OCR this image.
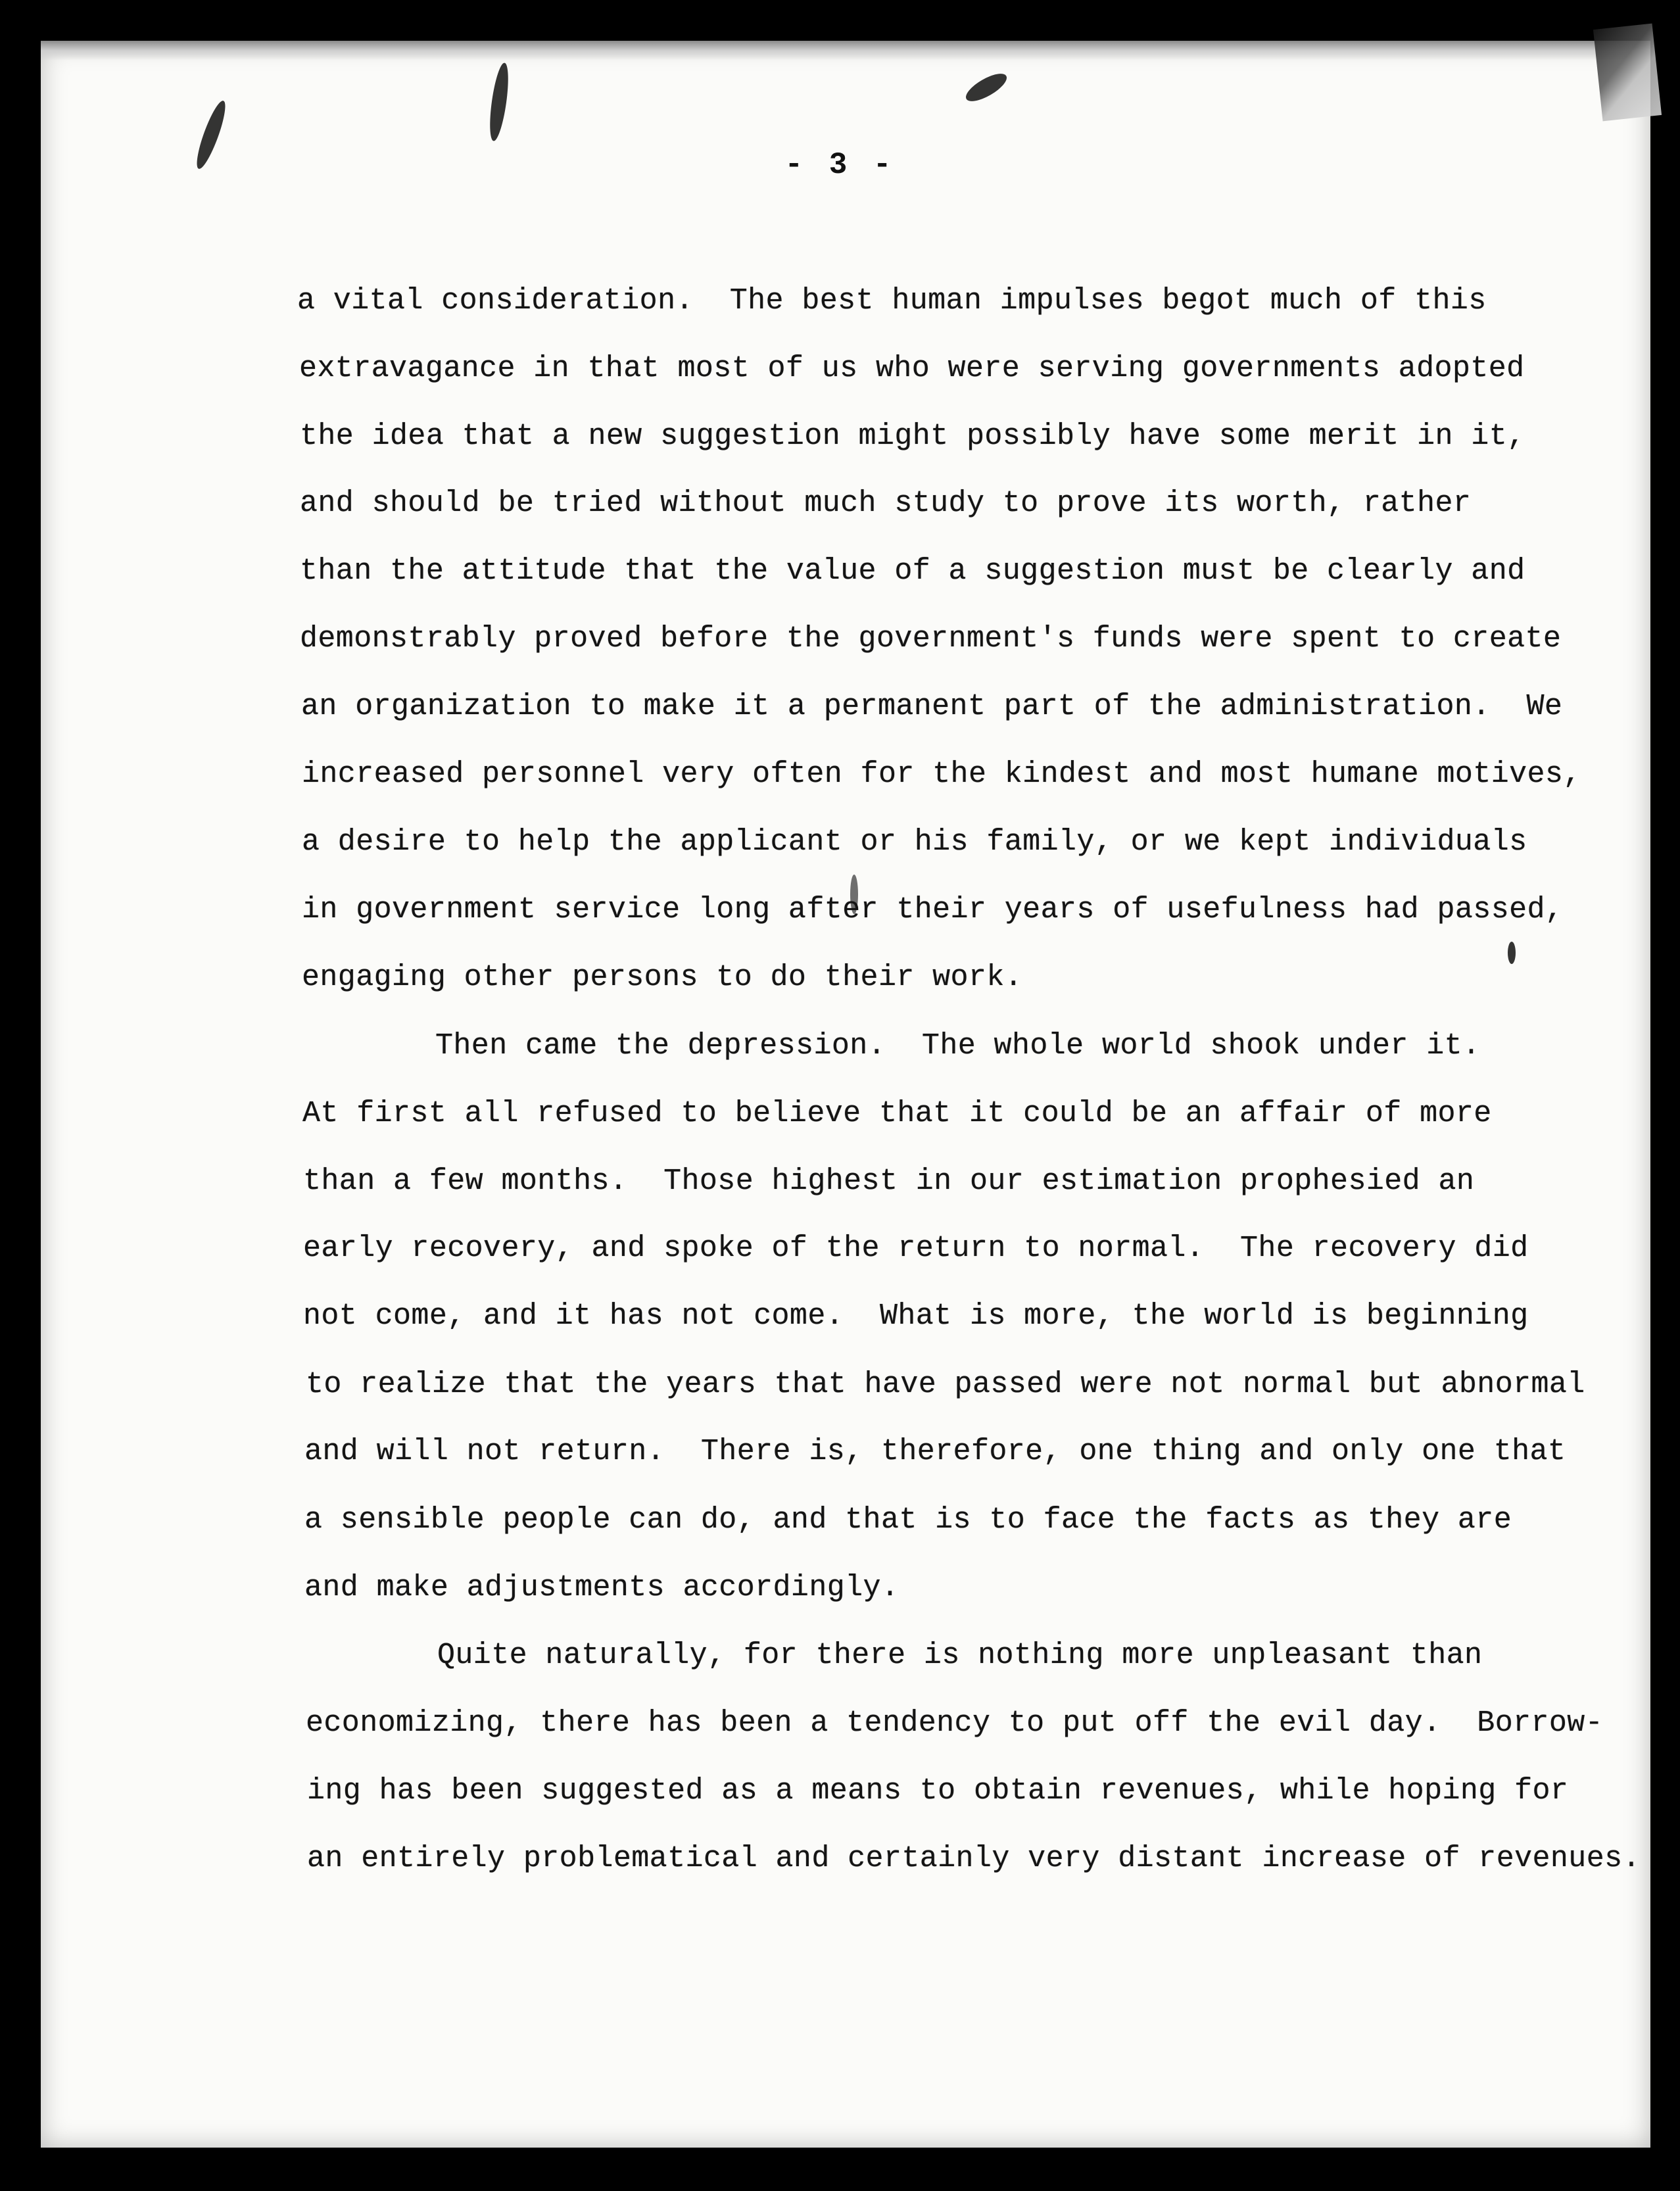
- 3 -
a vital consideration.  The best human impulses begot much of this
extravagance in that most of us who were serving governments adopted
the idea that a new suggestion might possibly have some merit in it,
and should be tried without much study to prove its worth, rather
than the attitude that the value of a suggestion must be clearly and
demonstrably proved before the government's funds were spent to create
an organization to make it a permanent part of the administration.  We
increased personnel very often for the kindest and most humane motives,
a desire to help the applicant or his family, or we kept individuals
in government service long after their years of usefulness had passed,
engaging other persons to do their work.
Then came the depression.  The whole world shook under it.
At first all refused to believe that it could be an affair of more
than a few months.  Those highest in our estimation prophesied an
early recovery, and spoke of the return to normal.  The recovery did
not come, and it has not come.  What is more, the world is beginning
to realize that the years that have passed were not normal but abnormal
and will not return.  There is, therefore, one thing and only one that
a sensible people can do, and that is to face the facts as they are
and make adjustments accordingly.
Quite naturally, for there is nothing more unpleasant than
economizing, there has been a tendency to put off the evil day.  Borrow-
ing has been suggested as a means to obtain revenues, while hoping for
an entirely problematical and certainly very distant increase of revenues.
